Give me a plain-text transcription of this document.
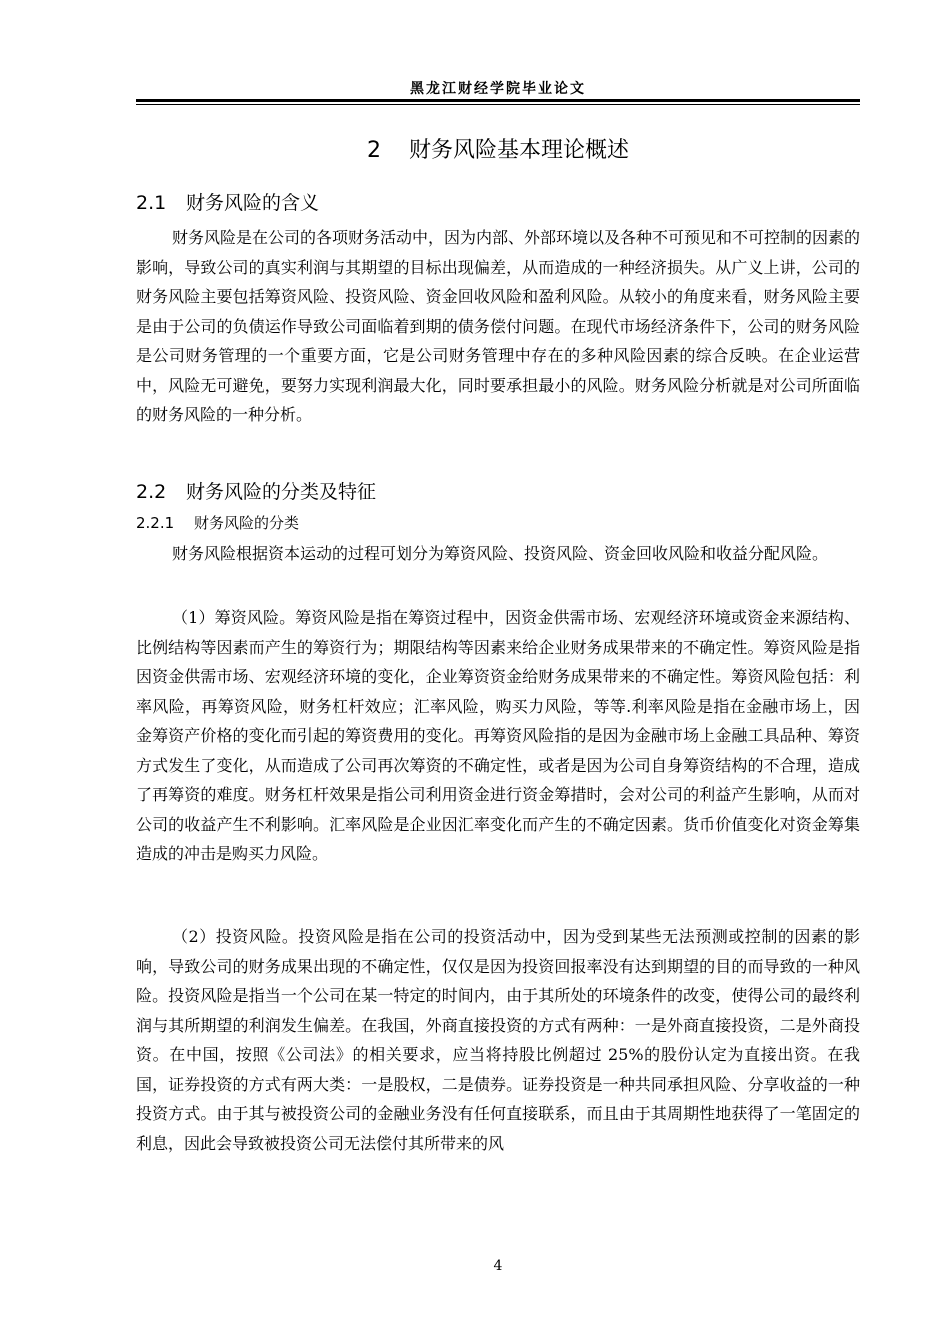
黑龙江财经学院毕业论文
2 财务风险基本理论概述
2.1 财务风险的含义

财务风险是在公司的各项财务活动中，因为内部、外部环境以及各种不可预见和不可控制的因素的影响，导致公司的真实利润与其期望的目标出现偏差，从而造成的一种经济损失。从广义上讲，公司的财务风险主要包括筹资风险、投资风险、资金回收风险和盈利风险。从较小的角度来看，财务风险主要是由于公司的负债运作导致公司面临着到期的债务偿付问题。在现代市场经济条件下，公司的财务风险是公司财务管理的一个重要方面，它是公司财务管理中存在的多种风险因素的综合反映。在企业运营中，风险无可避免，要努力实现利润最大化，同时要承担最小的风险。财务风险分析就是对公司所面临的财务风险的一种分析。

2.2 财务风险的分类及特征
2.2.1 财务风险的分类

财务风险根据资本运动的过程可划分为筹资风险、投资风险、资金回收风险和收益分配风险。

（1）筹资风险。筹资风险是指在筹资过程中，因资金供需市场、宏观经济环境或资金来源结构、比例结构等因素而产生的筹资行为；期限结构等因素来给企业财务成果带来的不确定性。筹资风险是指因资金供需市场、宏观经济环境的变化，企业筹资资金给财务成果带来的不确定性。筹资风险包括：利率风险，再筹资风险，财务杠杆效应；汇率风险，购买力风险，等等.利率风险是指在金融市场上，因金筹资产价格的变化而引起的筹资费用的变化。再筹资风险指的是因为金融市场上金融工具品种、筹资方式发生了变化，从而造成了公司再次筹资的不确定性，或者是因为公司自身筹资结构的不合理，造成了再筹资的难度。财务杠杆效果是指公司利用资金进行资金筹措时，会对公司的利益产生影响，从而对公司的收益产生不利影响。汇率风险是企业因汇率变化而产生的不确定因素。货币价值变化对资金筹集造成的冲击是购买力风险。

（2）投资风险。投资风险是指在公司的投资活动中，因为受到某些无法预测或控制的因素的影响，导致公司的财务成果出现的不确定性，仅仅是因为投资回报率没有达到期望的目的而导致的一种风险。投资风险是指当一个公司在某一特定的时间内，由于其所处的环境条件的改变，使得公司的最终利润与其所期望的利润发生偏差。在我国，外商直接投资的方式有两种：一是外商直接投资，二是外商投资。在中国，按照《公司法》的相关要求，应当将持股比例超过 25%的股份认定为直接出资。在我国，证券投资的方式有两大类：一是股权，二是债券。证券投资是一种共同承担风险、分享收益的一种投资方式。由于其与被投资公司的金融业务没有任何直接联系，而且由于其周期性地获得了一笔固定的利息，因此会导致被投资公司无法偿付其所带来的风

4
